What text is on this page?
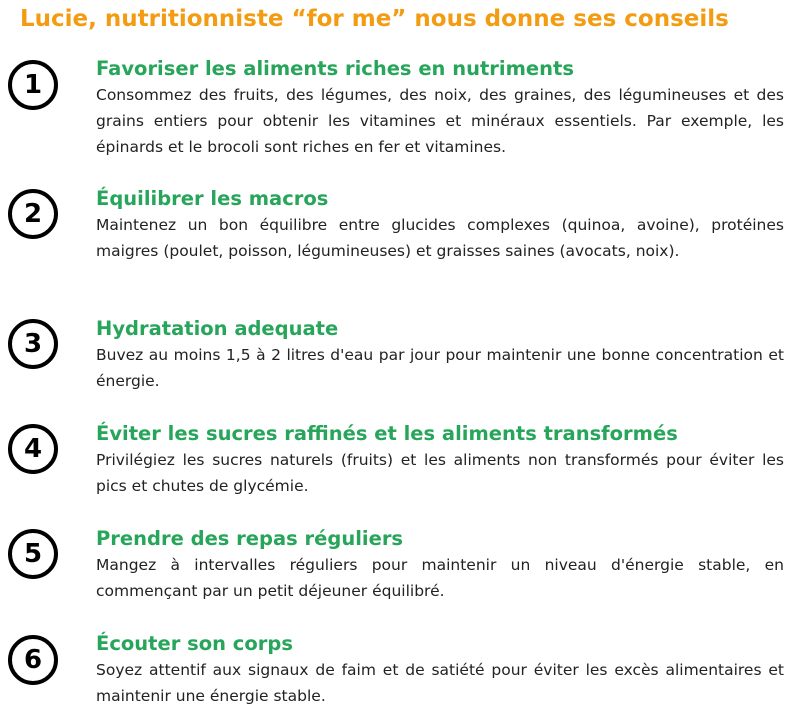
Lucie, nutritionniste “for me” nous donne ses conseils
1
Favoriser les aliments riches en nutriments
Consommez des fruits, des légumes, des noix, des graines, des légumineuses et des grains entiers pour obtenir les vitamines et minéraux essentiels. Par exemple, les épinards et le brocoli sont riches en fer et vitamines.
2
Équilibrer les macros
Maintenez un bon équilibre entre glucides complexes (quinoa, avoine), protéines maigres (poulet, poisson, légumineuses) et graisses saines (avocats, noix).
3
Hydratation adequate
Buvez au moins 1,5 à 2 litres d'eau par jour pour maintenir une bonne concentration et énergie.
4
Éviter les sucres raffinés et les aliments transformés
Privilégiez les sucres naturels (fruits) et les aliments non transformés pour éviter les pics et chutes de glycémie.
5
Prendre des repas réguliers
Mangez à intervalles réguliers pour maintenir un niveau d'énergie stable, en commençant par un petit déjeuner équilibré.
6
Écouter son corps
Soyez attentif aux signaux de faim et de satiété pour éviter les excès alimentaires et maintenir une énergie stable.
